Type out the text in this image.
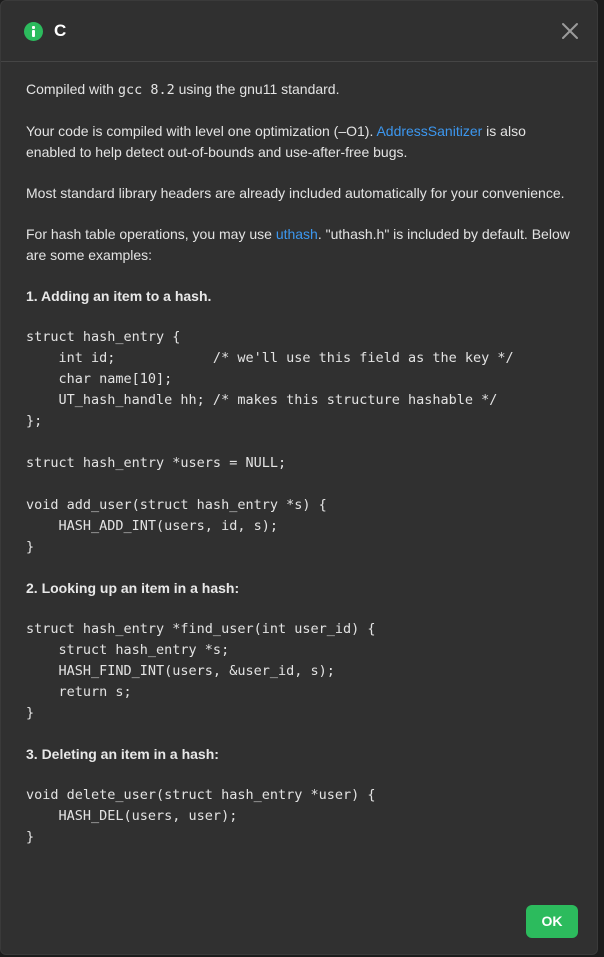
C

Compiled with gcc 8.2 using the gnu11 standard.

Your code is compiled with level one optimization (–O1). AddressSanitizer is also enabled to help detect out-of-bounds and use-after-free bugs.

Most standard library headers are already included automatically for your convenience.

For hash table operations, you may use uthash. "uthash.h" is included by default. Below are some examples:

1. Adding an item to a hash.
struct hash_entry {
int id;            /* we'll use this field as the key */
char name[10];
UT_hash_handle hh; /* makes this structure hashable */
};

struct hash_entry *users = NULL;

void add_user(struct hash_entry *s) {
HASH_ADD_INT(users, id, s);
}
2. Looking up an item in a hash:
struct hash_entry *find_user(int user_id) {
struct hash_entry *s;
HASH_FIND_INT(users, &user_id, s);
return s;
}
3. Deleting an item in a hash:
void delete_user(struct hash_entry *user) {
HASH_DEL(users, user);
}
OK
